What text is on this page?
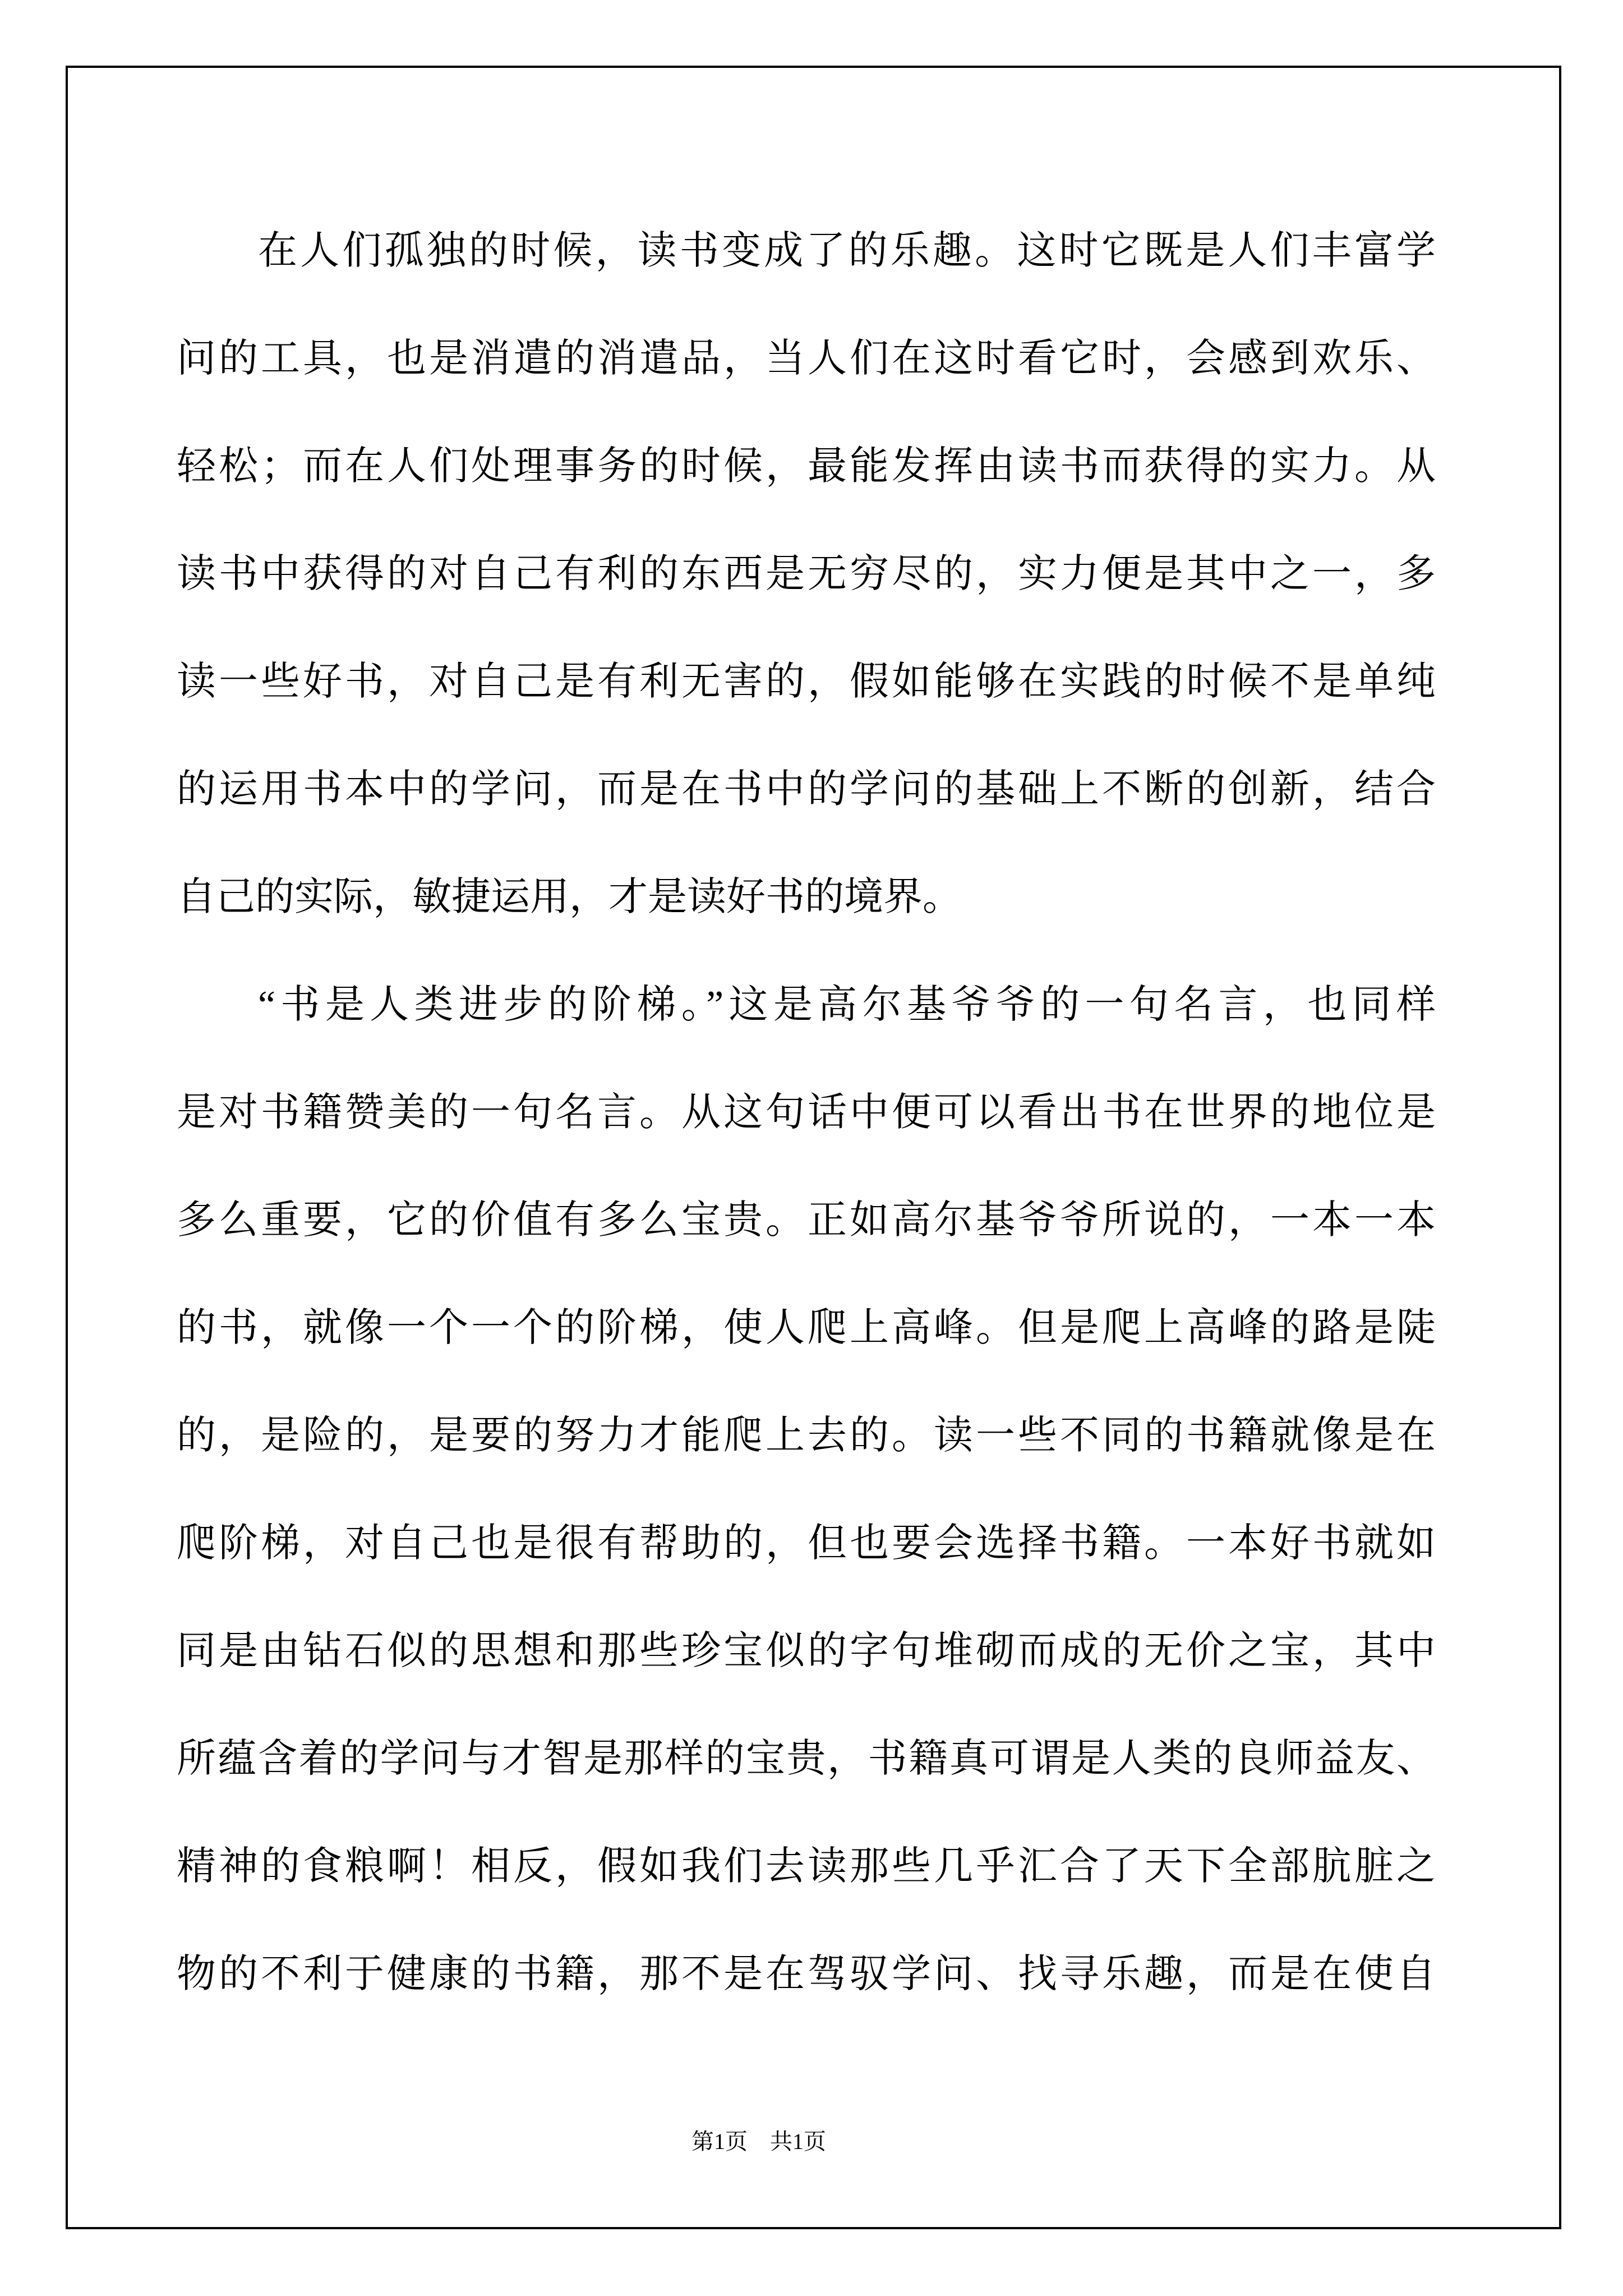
在人们孤独的时候，读书变成了的乐趣。这时它既是人们丰富学
问的工具，也是消遣的消遣品，当人们在这时看它时，会感到欢乐、
轻松；而在人们处理事务的时候，最能发挥由读书而获得的实力。从
读书中获得的对自己有利的东西是无穷尽的，实力便是其中之一，多
读一些好书，对自己是有利无害的，假如能够在实践的时候不是单纯
的运用书本中的学问，而是在书中的学问的基础上不断的创新，结合
自己的实际，敏捷运用，才是读好书的境界。
“书是人类进步的阶梯。”这是高尔基爷爷的一句名言，也同样
是对书籍赞美的一句名言。从这句话中便可以看出书在世界的地位是
多么重要，它的价值有多么宝贵。正如高尔基爷爷所说的，一本一本
的书，就像一个一个的阶梯，使人爬上高峰。但是爬上高峰的路是陡
的，是险的，是要的努力才能爬上去的。读一些不同的书籍就像是在
爬阶梯，对自己也是很有帮助的，但也要会选择书籍。一本好书就如
同是由钻石似的思想和那些珍宝似的字句堆砌而成的无价之宝，其中
所蕴含着的学问与才智是那样的宝贵，书籍真可谓是人类的良师益友、
精神的食粮啊！相反，假如我们去读那些几乎汇合了天下全部肮脏之
物的不利于健康的书籍，那不是在驾驭学问、找寻乐趣，而是在使自
第1页 共1页
